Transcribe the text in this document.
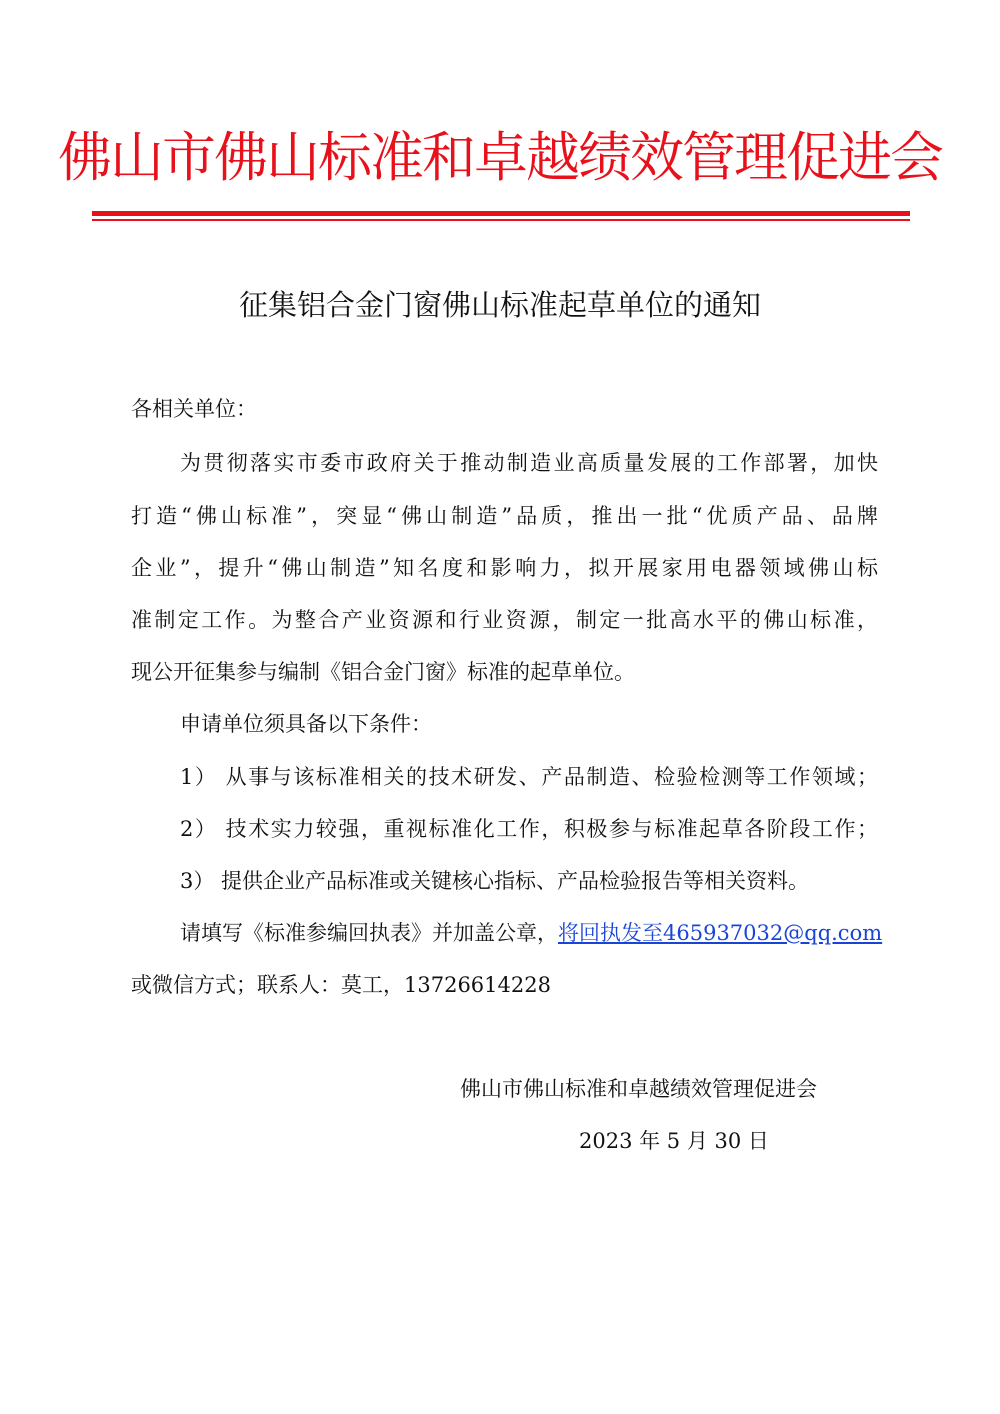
佛山市佛山标准和卓越绩效管理促进会
征集铝合金门窗佛山标准起草单位的通知
各相关单位：
为贯彻落实市委市政府关于推动制造业高质量发展的工作部署，加快
打造“佛山标准”，突显“佛山制造”品质，推出一批“优质产品、品牌
企业”，提升“佛山制造”知名度和影响力，拟开展家用电器领域佛山标
准制定工作。为整合产业资源和行业资源，制定一批高水平的佛山标准，
现公开征集参与编制《铝合金门窗》标准的起草单位。
申请单位须具备以下条件：
1） 从事与该标准相关的技术研发、产品制造、检验检测等工作领域；
2） 技术实力较强，重视标准化工作，积极参与标准起草各阶段工作；
3） 提供企业产品标准或关键核心指标、产品检验报告等相关资料。
请填写《标准参编回执表》并加盖公章，将回执发至465937032@qq.com
或微信方式；联系人：莫工，13726614228
佛山市佛山标准和卓越绩效管理促进会
2023 年 5 月 30 日
